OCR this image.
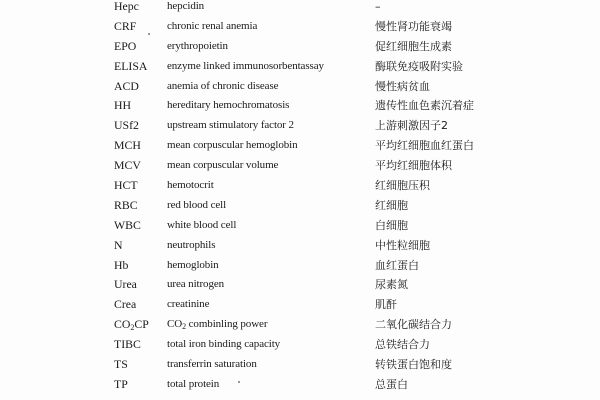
Hepc	hepcidin	–
CRF	chronic renal anemia	慢性肾功能衰竭
EPO	erythropoietin	促红细胞生成素
ELISA	enzyme linked immunosorbentassay	酶联免疫吸附实验
ACD	anemia of chronic disease	慢性病贫血
HH	hereditary hemochromatosis	遗传性血色素沉着症
USf2	upstream stimulatory factor 2	上游刺激因子2
MCH	mean corpuscular hemoglobin	平均红细胞血红蛋白
MCV	mean corpuscular volume	平均红细胞体积
HCT	hemotocrit	红细胞压积
RBC	red blood cell	红细胞
WBC	white blood cell	白细胞
N	neutrophils	中性粒细胞
Hb	hemoglobin	血红蛋白
Urea	urea nitrogen	尿素氮
Crea	creatinine	肌酐
$CO_2CP$	$CO_2$ combinling power	二氧化碳结合力
TIBC	total iron binding capacity	总铁结合力
TS	transferrin saturation	转铁蛋白饱和度
TP	total protein	总蛋白
